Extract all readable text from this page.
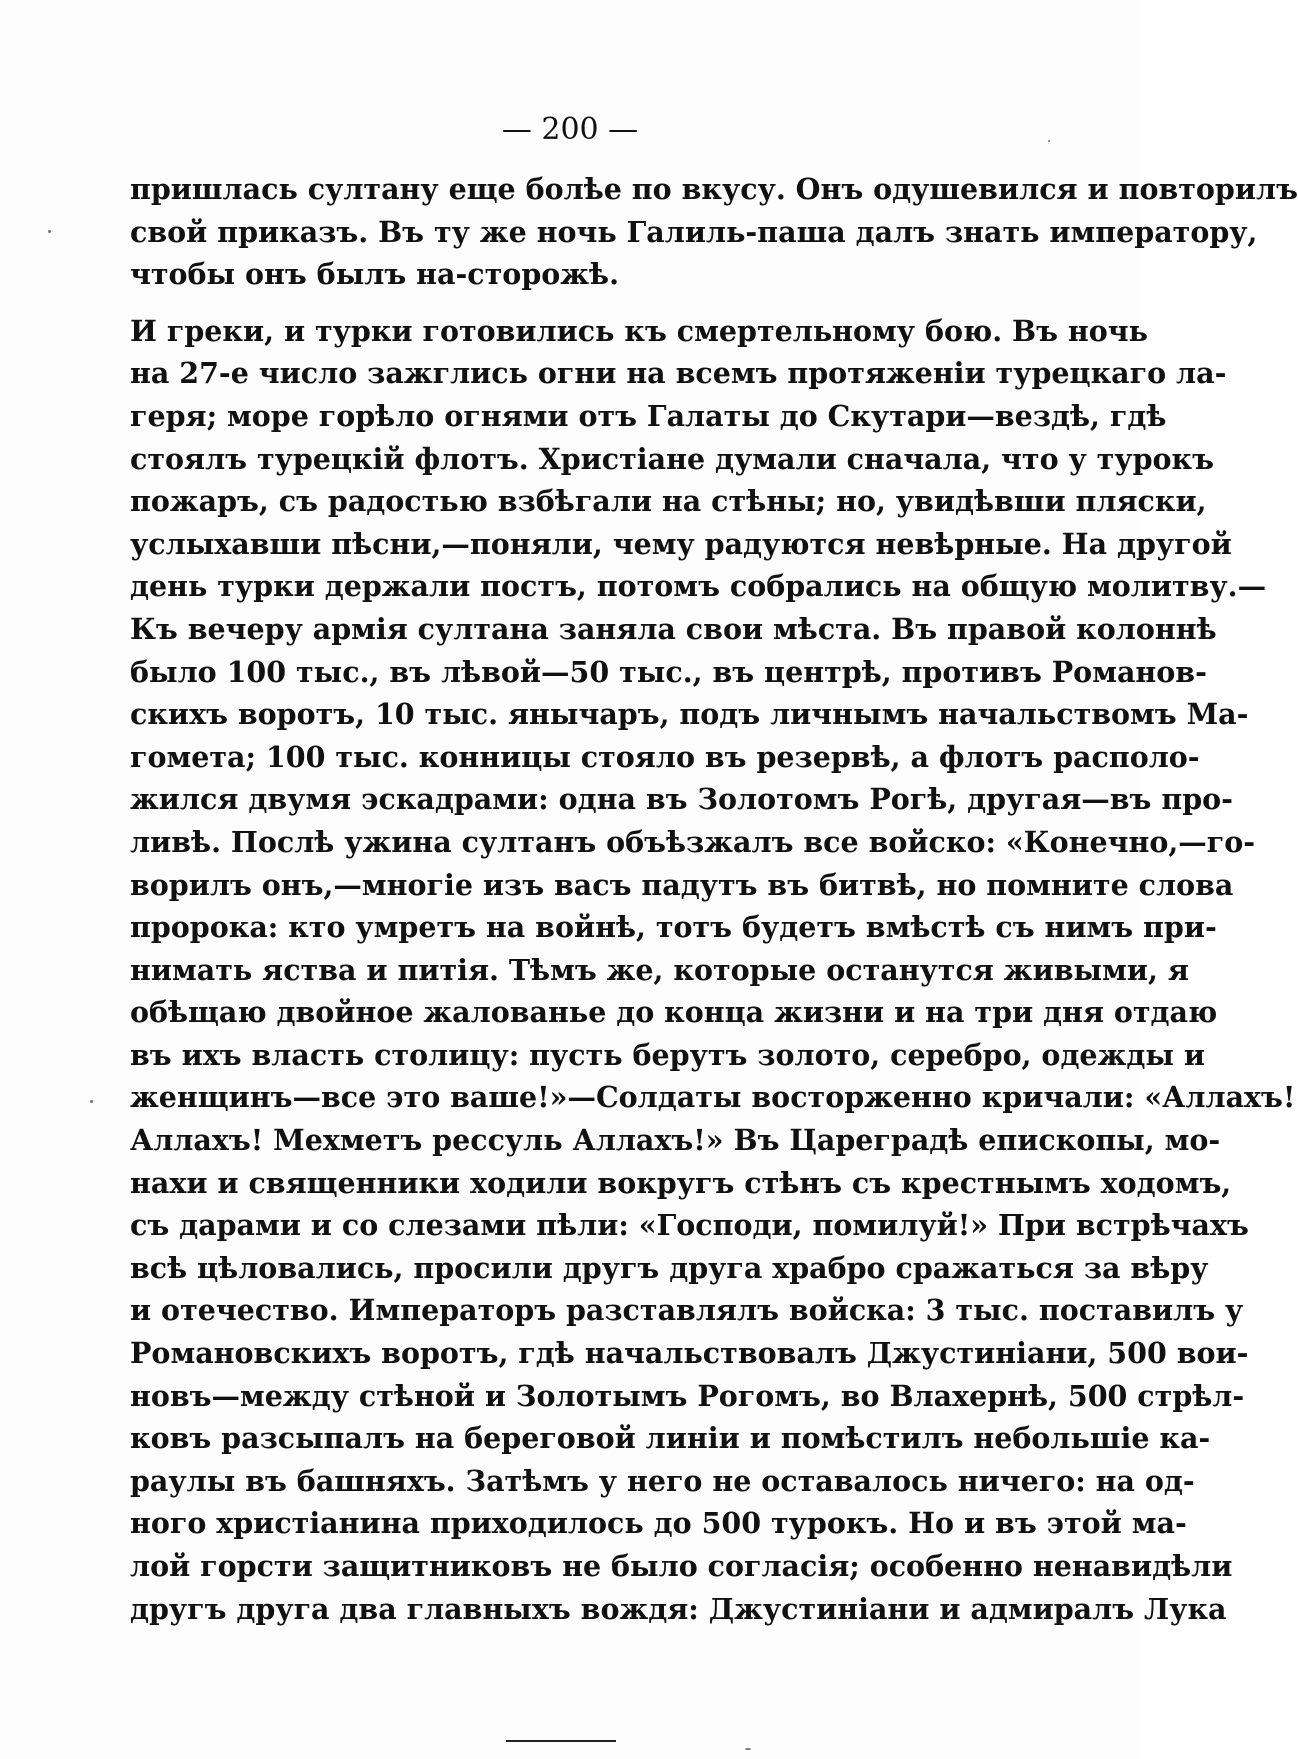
— 200 —
пришлась султану еще болѣе по вкусу. Онъ одушевился и повторилъ
свой приказъ. Въ ту же ночь Галиль-паша далъ знать императору,
чтобы онъ былъ на-сторожѣ.
И греки, и турки готовились къ смертельному бою. Въ ночь
на 27-е число зажглись огни на всемъ протяженіи турецкаго ла-
геря; море горѣло огнями отъ Галаты до Скутари—вездѣ, гдѣ
стоялъ турецкій флотъ. Христіане думали сначала, что у турокъ
пожаръ, съ радостью взбѣгали на стѣны; но, увидѣвши пляски,
услыхавши пѣсни,—поняли, чему радуются невѣрные. На другой
день турки держали постъ, потомъ собрались на общую молитву.—
Къ вечеру армія султана заняла свои мѣста. Въ правой колоннѣ
было 100 тыс., въ лѣвой—50 тыс., въ центрѣ, противъ Романов-
скихъ воротъ, 10 тыс. янычаръ, подъ личнымъ начальствомъ Ма-
гомета; 100 тыс. конницы стояло въ резервѣ, а флотъ располо-
жился двумя эскадрами: одна въ Золотомъ Рогѣ, другая—въ про-
ливѣ. Послѣ ужина султанъ объѣзжалъ все войско: «Конечно,—го-
ворилъ онъ,—многіе изъ васъ падутъ въ битвѣ, но помните слова
пророка: кто умретъ на войнѣ, тотъ будетъ вмѣстѣ съ нимъ при-
нимать яства и питія. Тѣмъ же, которые останутся живыми, я
обѣщаю двойное жалованье до конца жизни и на три дня отдаю
въ ихъ власть столицу: пусть берутъ золото, серебро, одежды и
женщинъ—все это ваше!»—Солдаты восторженно кричали: «Аллахъ!
Аллахъ! Мехметъ рессуль Аллахъ!» Въ Цареградѣ епископы, мо-
нахи и священники ходили вокругъ стѣнъ съ крестнымъ ходомъ,
съ дарами и со слезами пѣли: «Господи, помилуй!» При встрѣчахъ
всѣ цѣловались, просили другъ друга храбро сражаться за вѣру
и отечество. Императоръ разставлялъ войска: 3 тыс. поставилъ у
Романовскихъ воротъ, гдѣ начальствовалъ Джустиніани, 500 вои-
новъ—между стѣной и Золотымъ Рогомъ, во Влахернѣ, 500 стрѣл-
ковъ разсыпалъ на береговой линіи и помѣстилъ небольшіе ка-
раулы въ башняхъ. Затѣмъ у него не оставалось ничего: на од-
ного христіанина приходилось до 500 турокъ. Но и въ этой ма-
лой горсти защитниковъ не было согласія; особенно ненавидѣли
другъ друга два главныхъ вождя: Джустиніани и адмиралъ Лука
